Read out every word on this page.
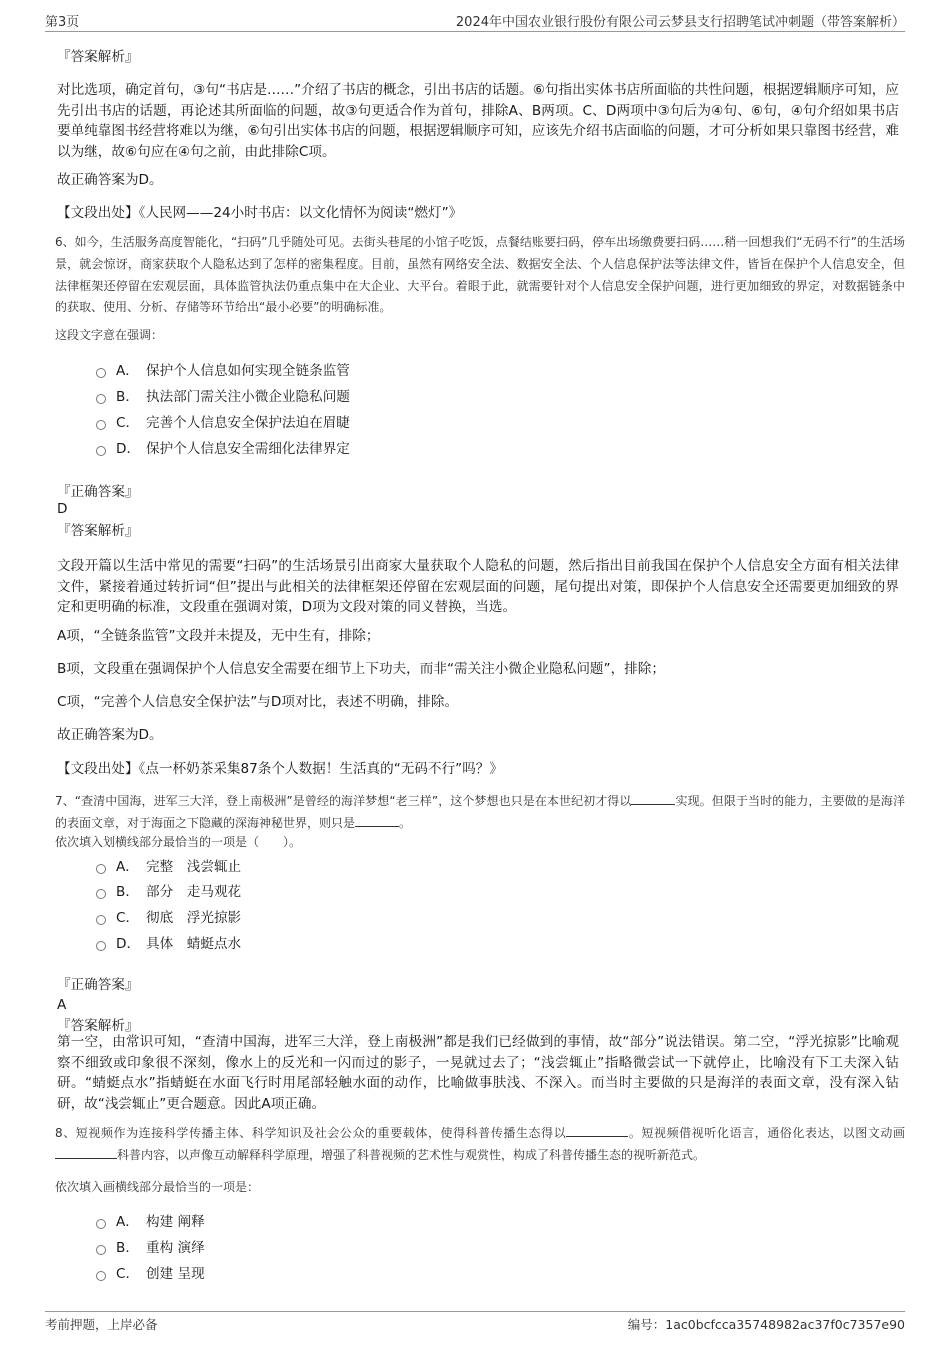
第3页	2024年中国农业银行股份有限公司云梦县支行招聘笔试冲刺题（带答案解析）
『答案解析』
对比选项，确定首句，③句“书店是……”介绍了书店的概念，引出书店的话题。⑥句指出实体书店所面临的共性问题，根据逻辑顺序可知，应先引出书店的话题，再论述其所面临的问题，故③句更适合作为首句，排除A、B两项。C、D两项中③句后为④句、⑥句，④句介绍如果书店要单纯靠图书经营将难以为继，⑥句引出实体书店的问题，根据逻辑顺序可知，应该先介绍书店面临的问题，才可分析如果只靠图书经营，难以为继，故⑥句应在④句之前，由此排除C项。
故正确答案为D。
【文段出处】《人民网——24小时书店：以文化情怀为阅读“燃灯”》
6、如今，生活服务高度智能化，“扫码”几乎随处可见。去街头巷尾的小馆子吃饭，点餐结账要扫码，停车出场缴费要扫码……稍一回想我们“无码不行”的生活场景，就会惊讶，商家获取个人隐私达到了怎样的密集程度。目前，虽然有网络安全法、数据安全法、个人信息保护法等法律文件，皆旨在保护个人信息安全，但法律框架还停留在宏观层面，具体监管执法仍重点集中在大企业、大平台。着眼于此，就需要针对个人信息安全保护问题，进行更加细致的界定，对数据链条中的获取、使用、分析、存储等环节给出“最小必要”的明确标准。
这段文字意在强调：
A． 保护个人信息如何实现全链条监管
B． 执法部门需关注小微企业隐私问题
C． 完善个人信息安全保护法迫在眉睫
D． 保护个人信息安全需细化法律界定
『正确答案』
D
『答案解析』
文段开篇以生活中常见的需要“扫码”的生活场景引出商家大量获取个人隐私的问题，然后指出目前我国在保护个人信息安全方面有相关法律文件，紧接着通过转折词“但”提出与此相关的法律框架还停留在宏观层面的问题，尾句提出对策，即保护个人信息安全还需要更加细致的界定和更明确的标准，文段重在强调对策，D项为文段对策的同义替换，当选。
A项，“全链条监管”文段并未提及，无中生有，排除；
B项，文段重在强调保护个人信息安全需要在细节上下功夫，而非“需关注小微企业隐私问题”，排除；
C项，“完善个人信息安全保护法”与D项对比，表述不明确，排除。
故正确答案为D。
【文段出处】《点一杯奶茶采集87条个人数据！生活真的“无码不行”吗？》
7、“查清中国海，进军三大洋，登上南极洲”是曾经的海洋梦想“老三样”，这个梦想也只是在本世纪初才得以	实现。但限于当时的能力，主要做的是海洋的表面文章，对于海面之下隐藏的深海神秘世界，则只是	。
依次填入划横线部分最恰当的一项是（　　）。
A． 完整　浅尝辄止
B． 部分　走马观花
C． 彻底　浮光掠影
D． 具体　蜻蜓点水
『正确答案』
A
『答案解析』
第一空，由常识可知，“查清中国海，进军三大洋，登上南极洲”都是我们已经做到的事情，故“部分”说法错误。第二空，“浮光掠影”比喻观察不细致或印象很不深刻，像水上的反光和一闪而过的影子，一晃就过去了；“浅尝辄止”指略微尝试一下就停止，比喻没有下工夫深入钻研。“蜻蜓点水”指蜻蜓在水面飞行时用尾部轻触水面的动作，比喻做事肤浅、不深入。而当时主要做的只是海洋的表面文章，没有深入钻研，故“浅尝辄止”更合题意。因此A项正确。
8、短视频作为连接科学传播主体、科学知识及社会公众的重要载体，使得科普传播生态得以	。短视频借视听化语言，通俗化表达，以图文动画科普内容，以声像互动解释科学原理，增强了科普视频的艺术性与观赏性，构成了科普传播生态的视听新范式。
依次填入画横线部分最恰当的一项是：
A． 构建 阐释
B． 重构 演绎
C． 创建 呈现
考前押题，上岸必备	编号：1ac0bcfcca35748982ac37f0c7357e90
